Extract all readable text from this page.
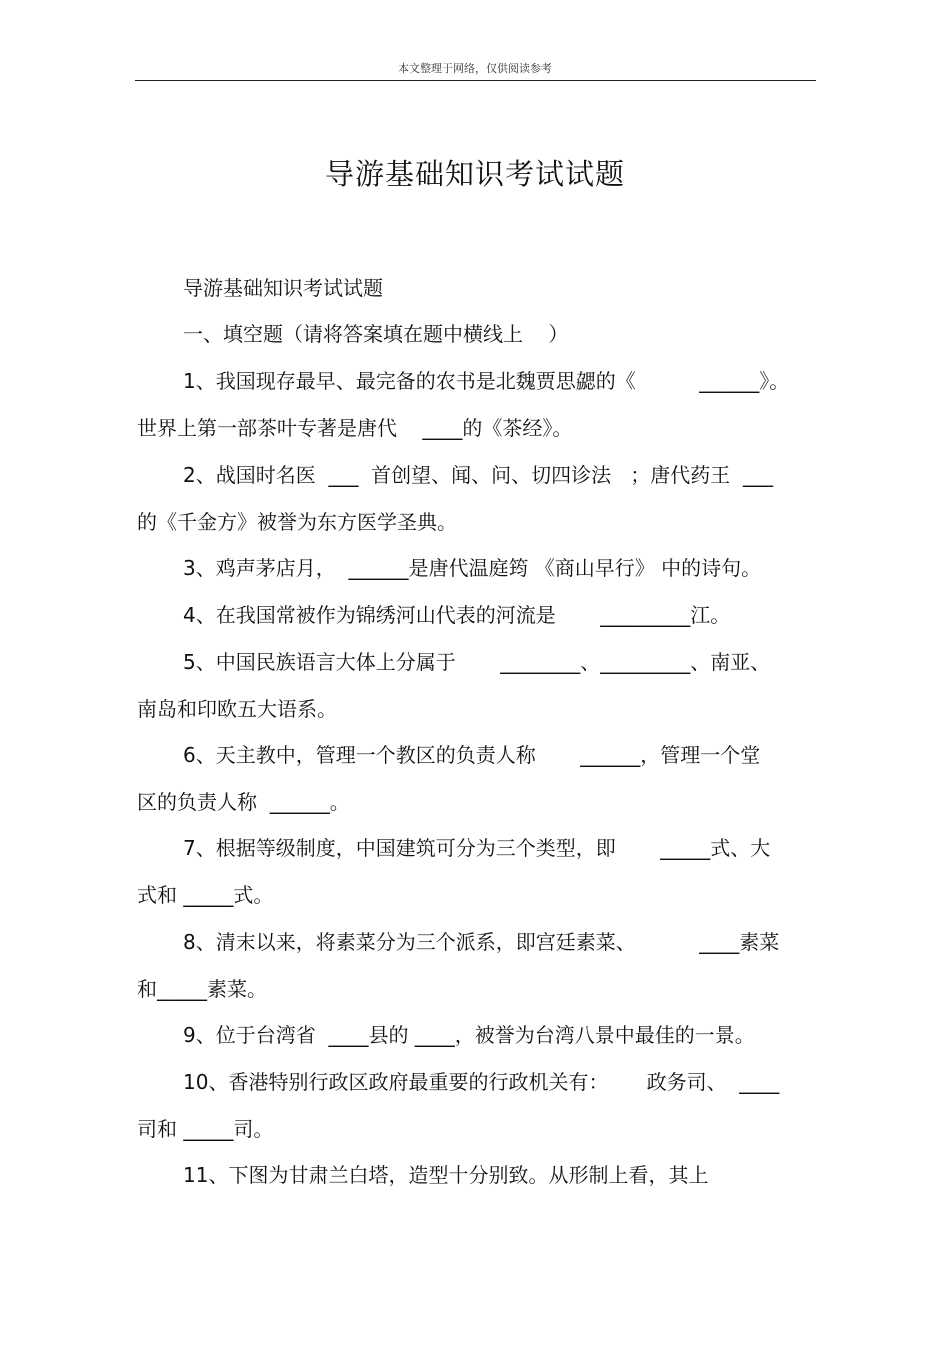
本文整理于网络，仅供阅读参考
导游基础知识考试试题
导游基础知识考试试题
一、填空题（请将答案填在题中横线上    ）
1、我国现存最早、最完备的农书是北魏贾思勰的《          ______》。
世界上第一部茶叶专著是唐代    ____的《茶经》。
2、战国时名医  ___  首创望、闻、问、切四诊法   ；唐代药王  ___
的《千金方》被誉为东方医学圣典。
3、鸡声茅店月，  ______是唐代温庭筠 《商山早行》 中的诗句。
4、在我国常被作为锦绣河山代表的河流是       _________江。
5、中国民族语言大体上分属于       ________、_________、南亚、
南岛和印欧五大语系。
6、天主教中，管理一个教区的负责人称       ______，管理一个堂
区的负责人称  ______。
7、根据等级制度，中国建筑可分为三个类型，即       _____式、大
式和 _____式。
8、清末以来，将素菜分为三个派系，即宫廷素菜、          ____素菜
和_____素菜。
9、位于台湾省  ____县的 ____，被誉为台湾八景中最佳的一景。
10、香港特别行政区政府最重要的行政机关有：      政务司、  ____
司和 _____司。
11、下图为甘肃兰白塔，造型十分别致。从形制上看，其上
